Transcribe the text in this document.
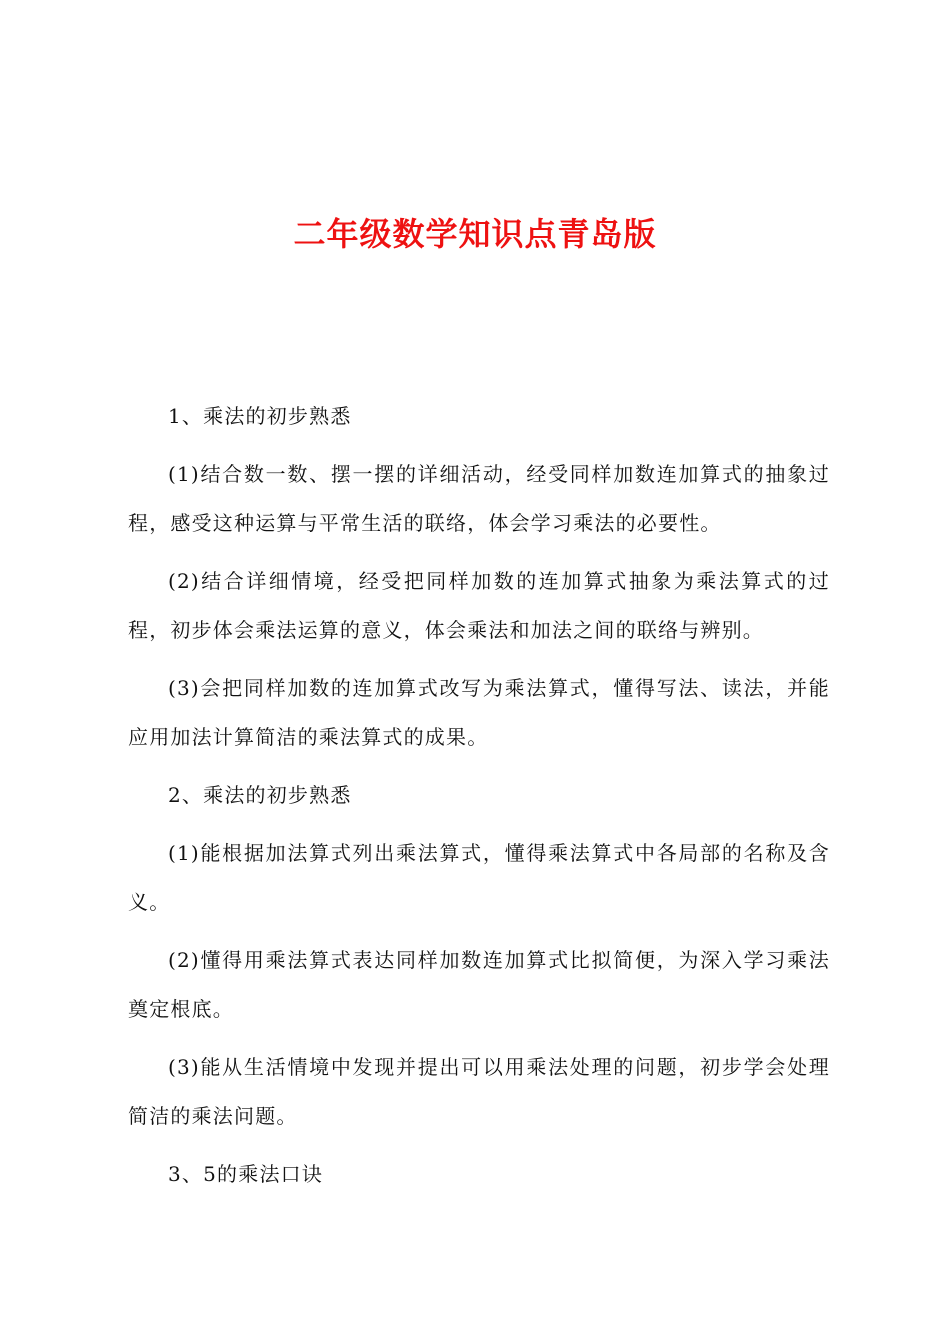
二年级数学知识点青岛版

1、乘法的初步熟悉

(1)结合数一数、摆一摆的详细活动，经受同样加数连加算式的抽象过程，感受这种运算与平常生活的联络，体会学习乘法的必要性。

(2)结合详细情境，经受把同样加数的连加算式抽象为乘法算式的过程，初步体会乘法运算的意义，体会乘法和加法之间的联络与辨别。

(3)会把同样加数的连加算式改写为乘法算式，懂得写法、读法，并能应用加法计算简洁的乘法算式的成果。

2、乘法的初步熟悉

(1)能根据加法算式列出乘法算式，懂得乘法算式中各局部的名称及含义。

(2)懂得用乘法算式表达同样加数连加算式比拟简便，为深入学习乘法奠定根底。

(3)能从生活情境中发现并提出可以用乘法处理的问题，初步学会处理简洁的乘法问题。

3、5的乘法口诀
